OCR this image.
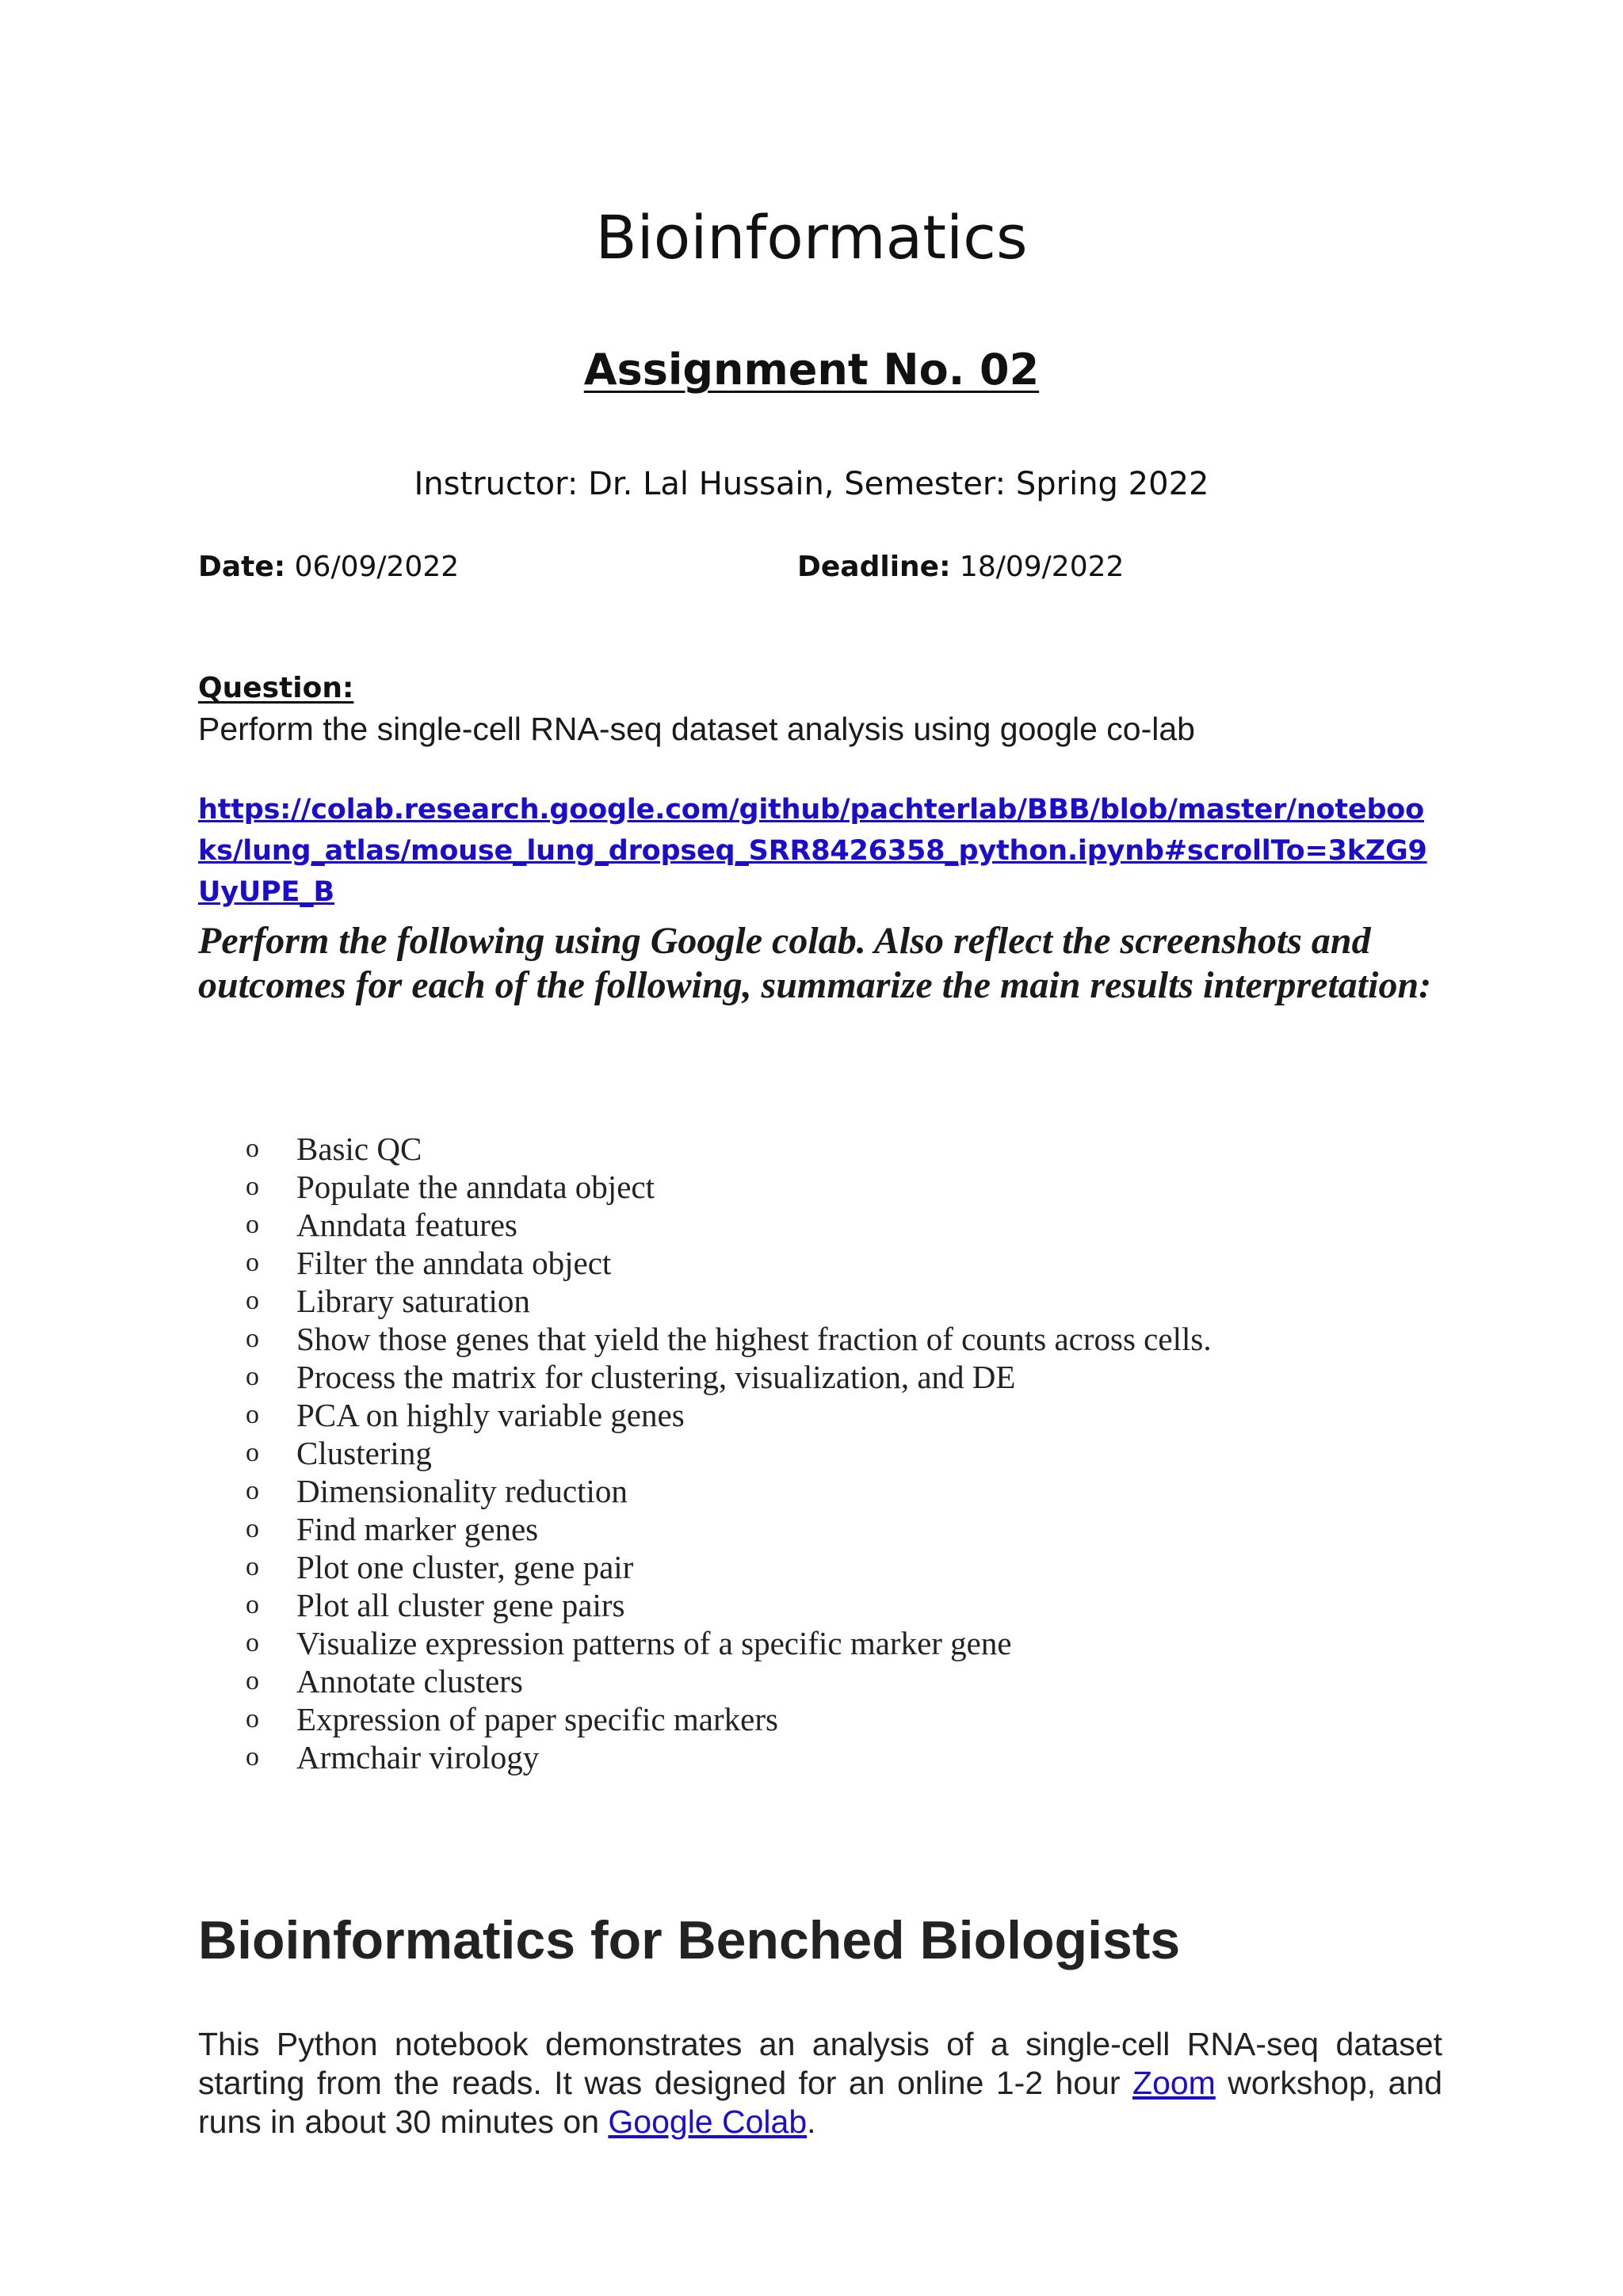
Bioinformatics
Assignment No. 02

Instructor: Dr. Lal Hussain, Semester: Spring 2022

Date: 06/09/2022	Deadline: 18/09/2022
Question:
Perform the single-cell RNA-seq dataset analysis using google co-lab
https://colab.research.google.com/github/pachterlab/BBB/blob/master/notebooks/lung_atlas/mouse_lung_dropseq_SRR8426358_python.ipynb#scrollTo=3kZG9UyUPE_B
Perform the following using Google colab. Also reflect the screenshots and outcomes for each of the following, summarize the main results interpretation:
o Basic QC
o Populate the anndata object
o Anndata features
o Filter the anndata object
o Library saturation
o Show those genes that yield the highest fraction of counts across cells.
o Process the matrix for clustering, visualization, and DE
o PCA on highly variable genes
o Clustering
o Dimensionality reduction
o Find marker genes
o Plot one cluster, gene pair
o Plot all cluster gene pairs
o Visualize expression patterns of a specific marker gene
o Annotate clusters
o Expression of paper specific markers
o Armchair virology
Bioinformatics for Benched Biologists

This Python notebook demonstrates an analysis of a single-cell RNA-seq dataset starting from the reads. It was designed for an online 1-2 hour Zoom workshop, and runs in about 30 minutes on Google Colab.
